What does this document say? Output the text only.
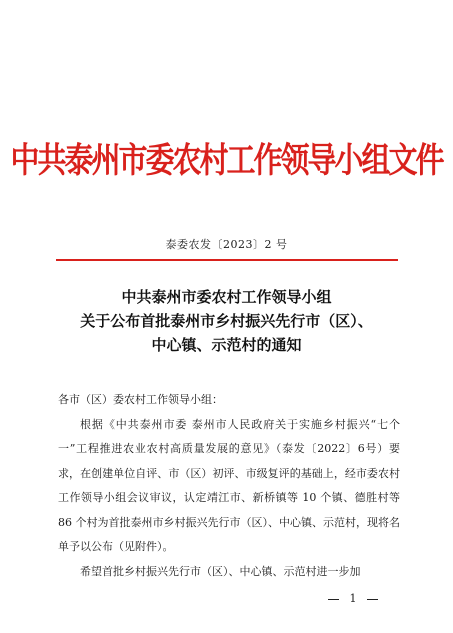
中共泰州市委农村工作领导小组文件
泰委农发〔2023〕2 号
中共泰州市委农村工作领导小组
关于公布首批泰州市乡村振兴先行市（区）、
中心镇、示范村的通知

各市（区）委农村工作领导小组：

根据《中共泰州市委 泰州市人民政府关于实施乡村振兴“七个一”工程推进农业农村高质量发展的意见》（泰发〔2022〕6号）要求，在创建单位自评、市（区）初评、市级复评的基础上，经市委农村工作领导小组会议审议，认定靖江市、新桥镇等 10 个镇、德胜村等 86 个村为首批泰州市乡村振兴先行市（区）、中心镇、示范村，现将名单予以公布（见附件）。

希望首批乡村振兴先行市（区）、中心镇、示范村进一步加

1
